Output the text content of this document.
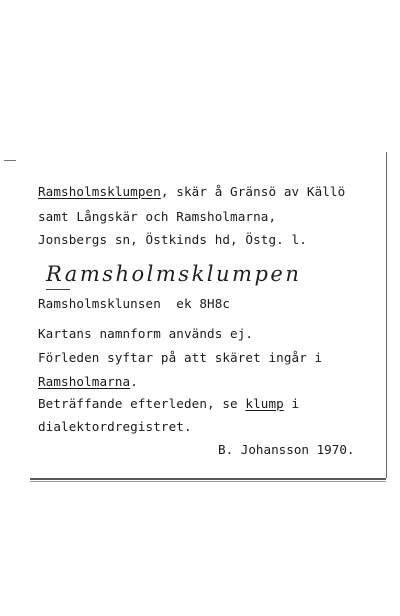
Ramsholmsklumpen, skär å Gränsö av Källö
samt Långskär och Ramsholmarna,
Jonsbergs sn, Östkinds hd, Östg. l.
Ramsholmsklumpen
Ramsholmsklunsen  ek 8H8c
Kartans namnform används ej.
Förleden syftar på att skäret ingår i
Ramsholmarna.
Beträffande efterleden, se klump i
dialektordregistret.
B. Johansson 1970.
